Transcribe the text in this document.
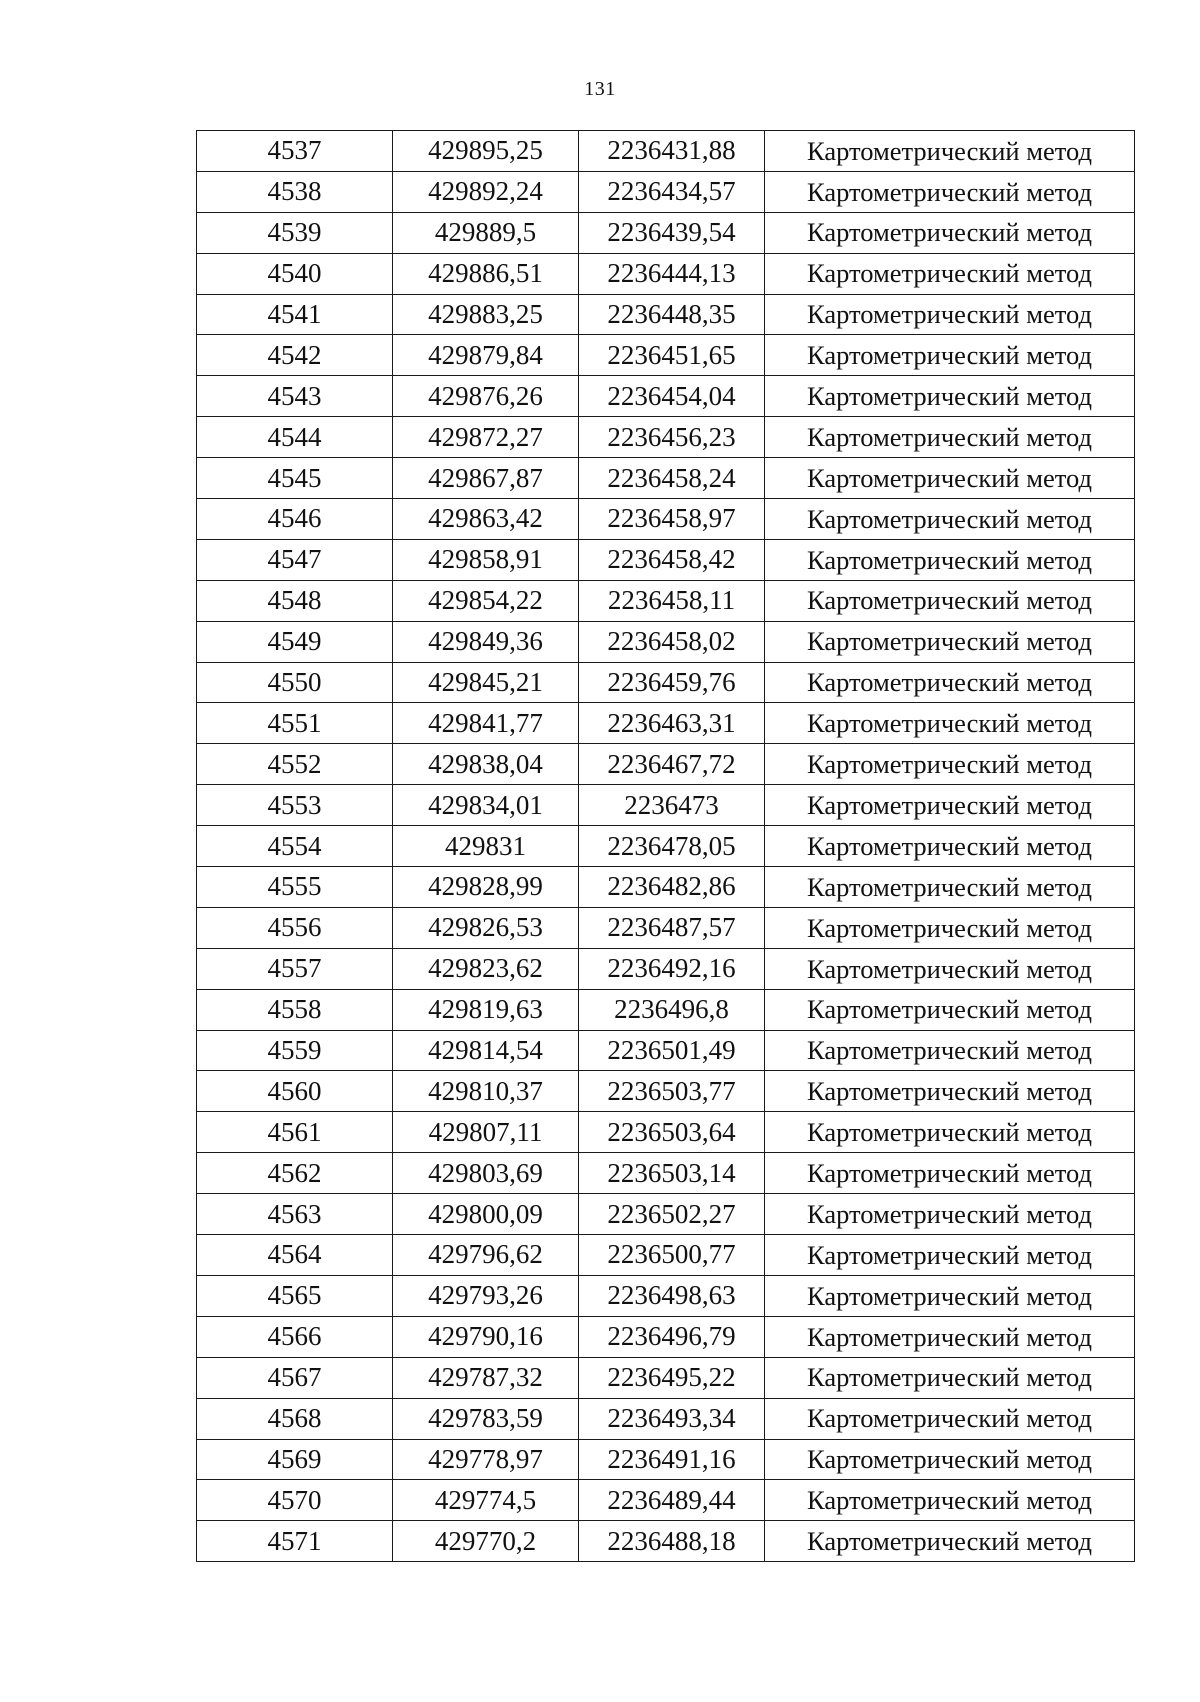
131
4537	429895,25	2236431,88	Картометрический метод
4538	429892,24	2236434,57	Картометрический метод
4539	429889,5	2236439,54	Картометрический метод
4540	429886,51	2236444,13	Картометрический метод
4541	429883,25	2236448,35	Картометрический метод
4542	429879,84	2236451,65	Картометрический метод
4543	429876,26	2236454,04	Картометрический метод
4544	429872,27	2236456,23	Картометрический метод
4545	429867,87	2236458,24	Картометрический метод
4546	429863,42	2236458,97	Картометрический метод
4547	429858,91	2236458,42	Картометрический метод
4548	429854,22	2236458,11	Картометрический метод
4549	429849,36	2236458,02	Картометрический метод
4550	429845,21	2236459,76	Картометрический метод
4551	429841,77	2236463,31	Картометрический метод
4552	429838,04	2236467,72	Картометрический метод
4553	429834,01	2236473	Картометрический метод
4554	429831	2236478,05	Картометрический метод
4555	429828,99	2236482,86	Картометрический метод
4556	429826,53	2236487,57	Картометрический метод
4557	429823,62	2236492,16	Картометрический метод
4558	429819,63	2236496,8	Картометрический метод
4559	429814,54	2236501,49	Картометрический метод
4560	429810,37	2236503,77	Картометрический метод
4561	429807,11	2236503,64	Картометрический метод
4562	429803,69	2236503,14	Картометрический метод
4563	429800,09	2236502,27	Картометрический метод
4564	429796,62	2236500,77	Картометрический метод
4565	429793,26	2236498,63	Картометрический метод
4566	429790,16	2236496,79	Картометрический метод
4567	429787,32	2236495,22	Картометрический метод
4568	429783,59	2236493,34	Картометрический метод
4569	429778,97	2236491,16	Картометрический метод
4570	429774,5	2236489,44	Картометрический метод
4571	429770,2	2236488,18	Картометрический метод
